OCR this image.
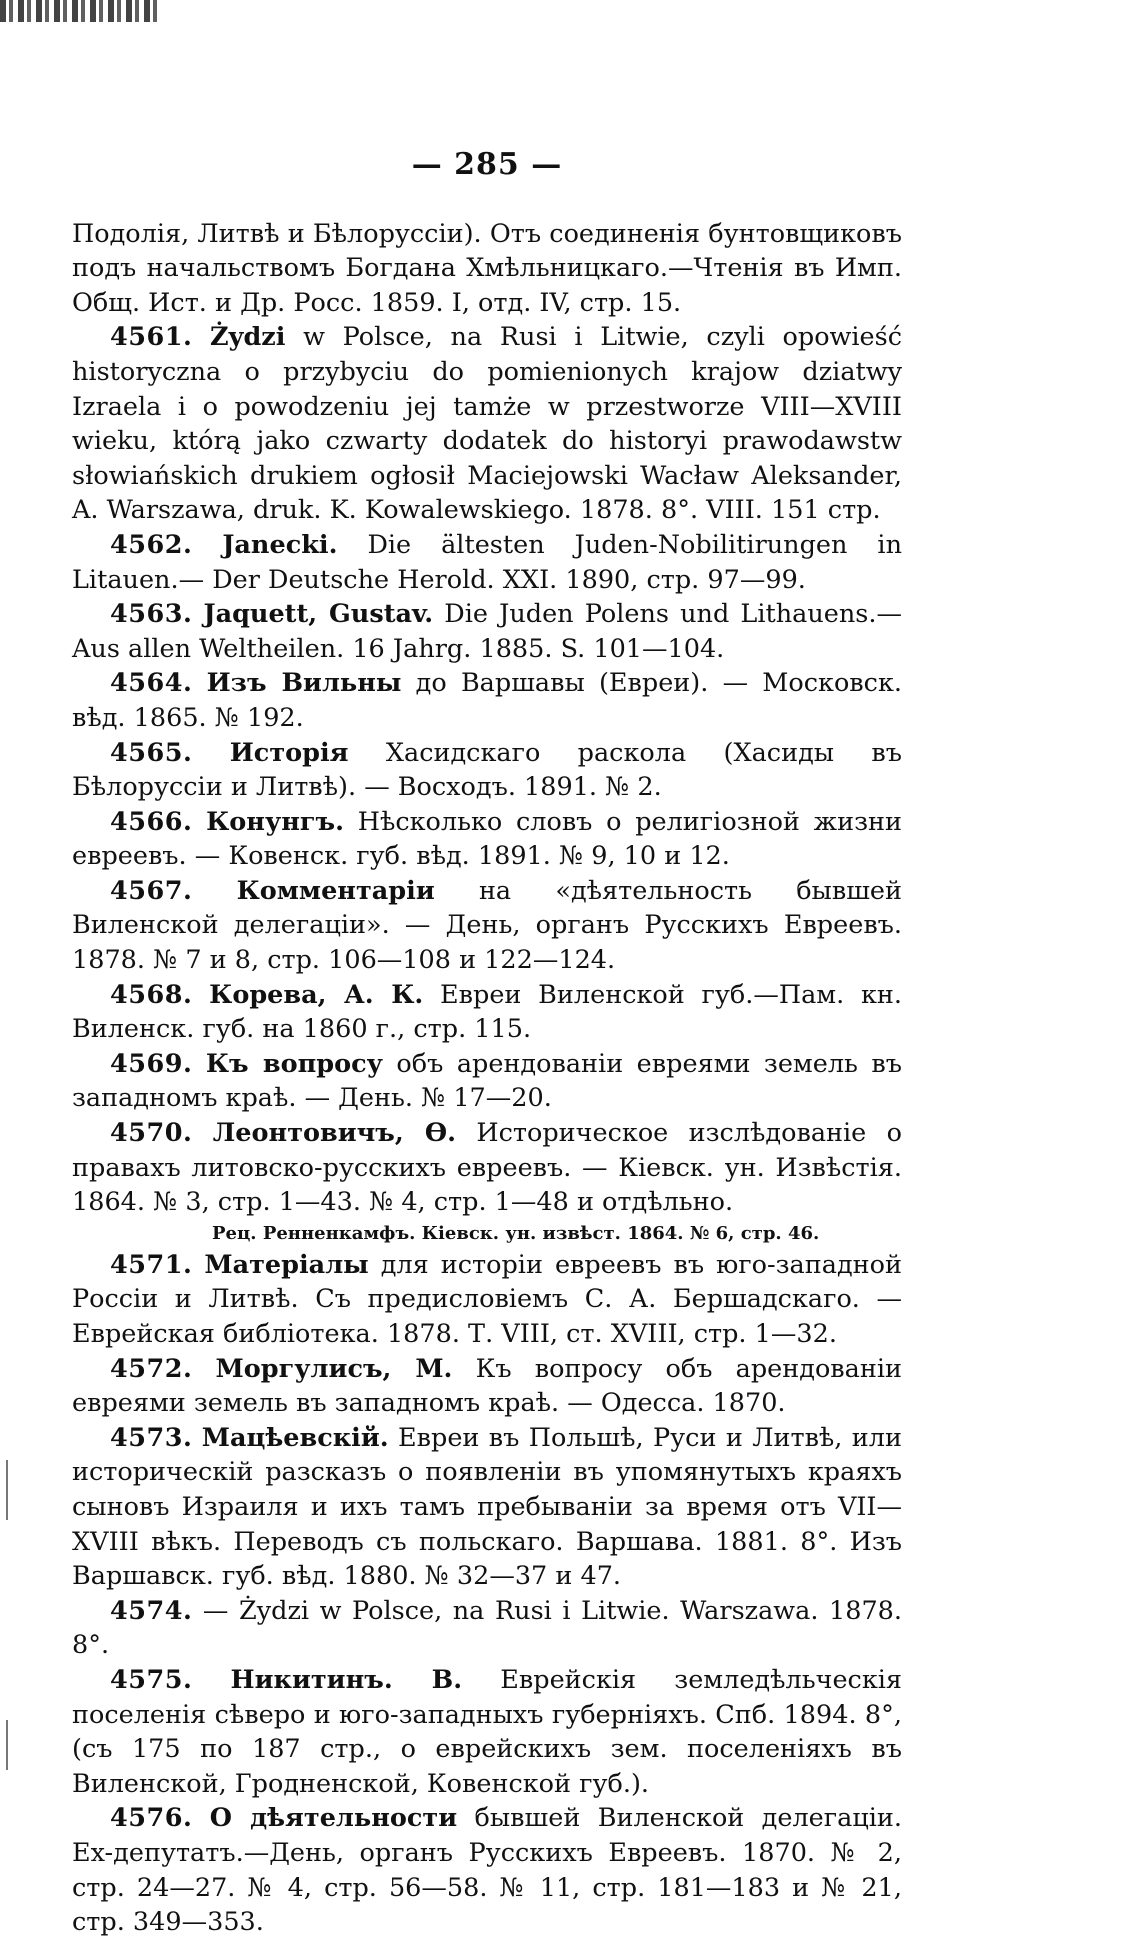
— 285 —

Подолія, Литвѣ и Бѣлоруссіи). Отъ соединенія бунтовщиковъ подъ начальствомъ Богдана Хмѣльницкаго.—Чтенія въ Имп. Общ. Ист. и Др. Росс. 1859. I, отд. IV, стр. 15.

4561. Żydzi w Polsce, na Rusi i Litwie, czyli opowieść historyczna o przybyciu do pomienionych krajow dziatwy Izraela i o powodzeniu jej tamże w przestworze VIII—XVIII wieku, którą jako czwarty dodatek do historyi prawodawstw słowiańskich drukiem ogłosił Maciejowski Wacław Aleksander, A. Warszawa, druk. K. Kowalewskiego. 1878. 8°. VIII. 151 стр.

4562. Janecki. Die ältesten Juden-Nobilitirungen in Litauen.— Der Deutsche Herold. XXI. 1890, стр. 97—99.

4563. Jaquett, Gustav. Die Juden Polens und Lithauens.— Aus allen Weltheilen. 16 Jahrg. 1885. S. 101—104.

4564. Изъ Вильны до Варшавы (Евреи). — Московск. вѣд. 1865. № 192.

4565. Исторія Хасидскаго раскола (Хасиды въ Бѣлоруссіи и Литвѣ). — Восходъ. 1891. № 2.

4566. Конунгъ. Нѣсколько словъ о религіозной жизни евреевъ. — Ковенск. губ. вѣд. 1891. № 9, 10 и 12.

4567. Комментаріи на «дѣятельность бывшей Виленской делегаціи». — День, органъ Русскихъ Евреевъ. 1878. № 7 и 8, стр. 106—108 и 122—124.

4568. Корева, А. К. Евреи Виленской губ.—Пам. кн. Виленск. губ. на 1860 г., стр. 115.

4569. Къ вопросу объ арендованіи евреями земель въ западномъ краѣ. — День. № 17—20.

4570. Леонтовичъ, Ѳ. Историческое изслѣдованіе о правахъ литовско-русскихъ евреевъ. — Кіевск. ун. Извѣстія. 1864. № 3, стр. 1—43. № 4, стр. 1—48 и отдѣльно.

Рец. Ренненкамфъ. Кіевск. ун. извѣст. 1864. № 6, стр. 46.

4571. Матеріалы для исторіи евреевъ въ юго-западной Россіи и Литвѣ. Съ предисловіемъ С. А. Бершадскаго. — Еврейская библіотека. 1878. Т. VIII, ст. XVIII, стр. 1—32.

4572. Моргулисъ, М. Къ вопросу объ арендованіи евреями земель въ западномъ краѣ. — Одесса. 1870.

4573. Мацѣевскій. Евреи въ Польшѣ, Руси и Литвѣ, или историческій разсказъ о появленіи въ упомянутыхъ краяхъ сыновъ Израиля и ихъ тамъ пребываніи за время отъ VII—XVIII вѣкъ. Переводъ съ польскаго. Варшава. 1881. 8°. Изъ Варшавск. губ. вѣд. 1880. № 32—37 и 47.

4574. — Żydzi w Polsce, na Rusi i Litwie. Warszawa. 1878. 8°.

4575. Никитинъ. В. Еврейскія земледѣльческія поселенія сѣверо и юго-западныхъ губерніяхъ. Спб. 1894. 8°, (съ 175 по 187 стр., о еврейскихъ зем. поселеніяхъ въ Виленской, Гродненской, Ковенской губ.).

4576. О дѣятельности бывшей Виленской делегаціи. Ex-депутатъ.—День, органъ Русскихъ Евреевъ. 1870. № 2, стр. 24—27. № 4, стр. 56—58. № 11, стр. 181—183 и № 21, стр. 349—353.
